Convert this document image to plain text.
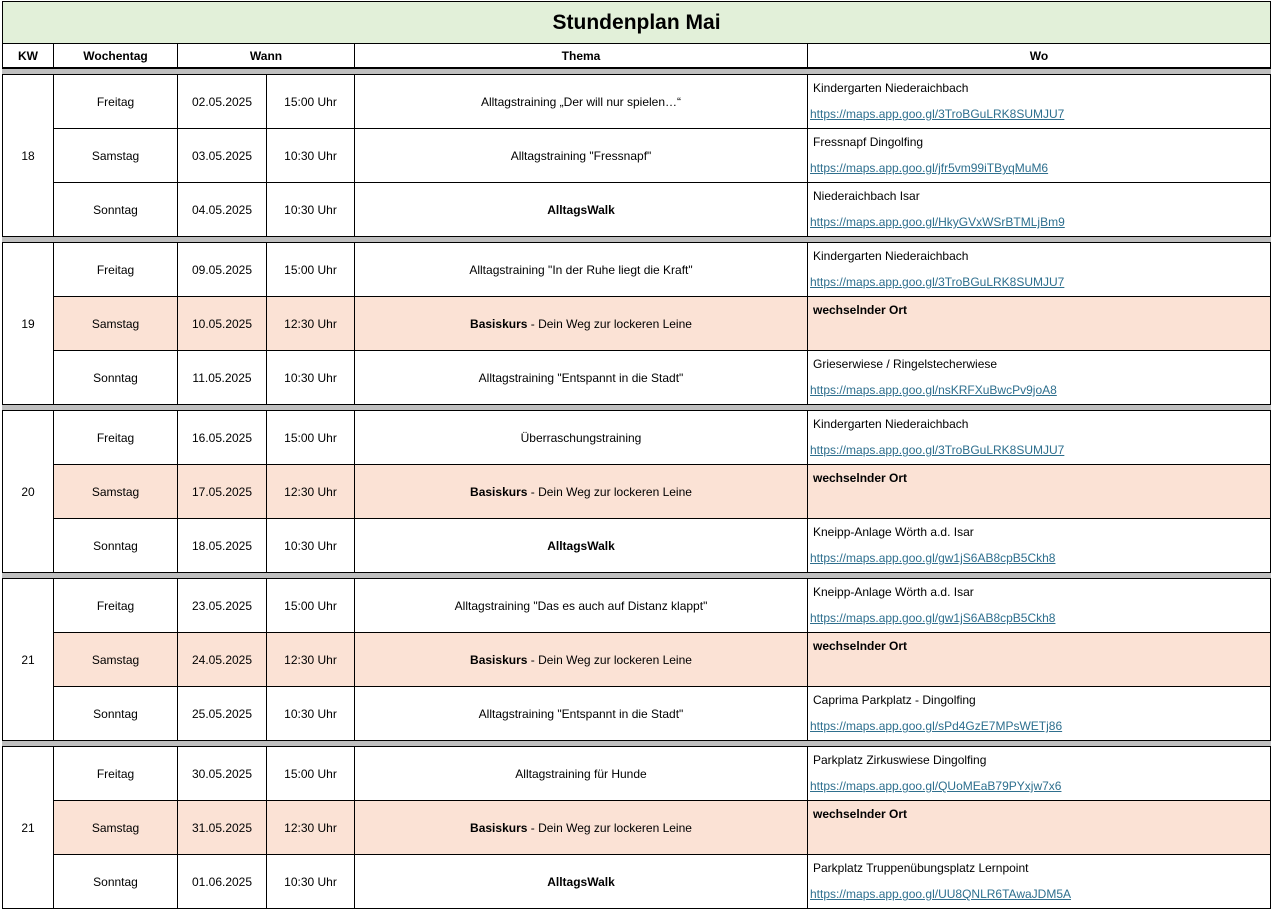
Stundenplan Mai					
KW	Wochentag	Wann		Thema	Wo

18	Freitag	02.05.2025	15:00 Uhr	Alltagstraining „Der will nur spielen…“	Kindergarten Niederaichbach
https://maps.app.goo.gl/3TroBGuLRK8SUMJU7

	Samstag	03.05.2025	10:30 Uhr	Alltagstraining "Fressnapf"	Fressnapf Dingolfing
https://maps.app.goo.gl/jfr5vm99iTByqMuM6

	Sonntag	04.05.2025	10:30 Uhr	AlltagsWalk	Niederaichbach Isar
https://maps.app.goo.gl/HkyGVxWSrBTMLjBm9

19	Freitag	09.05.2025	15:00 Uhr	Alltagstraining "In der Ruhe liegt die Kraft"	Kindergarten Niederaichbach
https://maps.app.goo.gl/3TroBGuLRK8SUMJU7

	Samstag	10.05.2025	12:30 Uhr	Basiskurs - Dein Weg zur lockeren Leine	wechselnder Ort

	Sonntag	11.05.2025	10:30 Uhr	Alltagstraining "Entspannt in die Stadt"	Grieserwiese / Ringelstecherwiese
https://maps.app.goo.gl/nsKRFXuBwcPv9joA8

20	Freitag	16.05.2025	15:00 Uhr	Überraschungstraining	Kindergarten Niederaichbach
https://maps.app.goo.gl/3TroBGuLRK8SUMJU7

	Samstag	17.05.2025	12:30 Uhr	Basiskurs - Dein Weg zur lockeren Leine	wechselnder Ort

	Sonntag	18.05.2025	10:30 Uhr	AlltagsWalk	Kneipp-Anlage Wörth a.d. Isar
https://maps.app.goo.gl/gw1jS6AB8cpB5Ckh8

21	Freitag	23.05.2025	15:00 Uhr	Alltagstraining "Das es auch auf Distanz klappt"	Kneipp-Anlage Wörth a.d. Isar
https://maps.app.goo.gl/gw1jS6AB8cpB5Ckh8

	Samstag	24.05.2025	12:30 Uhr	Basiskurs - Dein Weg zur lockeren Leine	wechselnder Ort

	Sonntag	25.05.2025	10:30 Uhr	Alltagstraining "Entspannt in die Stadt"	Caprima Parkplatz - Dingolfing
https://maps.app.goo.gl/sPd4GzE7MPsWETj86

21	Freitag	30.05.2025	15:00 Uhr	Alltagstraining für Hunde	Parkplatz Zirkuswiese Dingolfing
https://maps.app.goo.gl/QUoMEaB79PYxjw7x6

	Samstag	31.05.2025	12:30 Uhr	Basiskurs - Dein Weg zur lockeren Leine	wechselnder Ort

	Sonntag	01.06.2025	10:30 Uhr	AlltagsWalk	Parkplatz Truppenübungsplatz Lernpoint
https://maps.app.goo.gl/UU8QNLR6TAwaJDM5A
